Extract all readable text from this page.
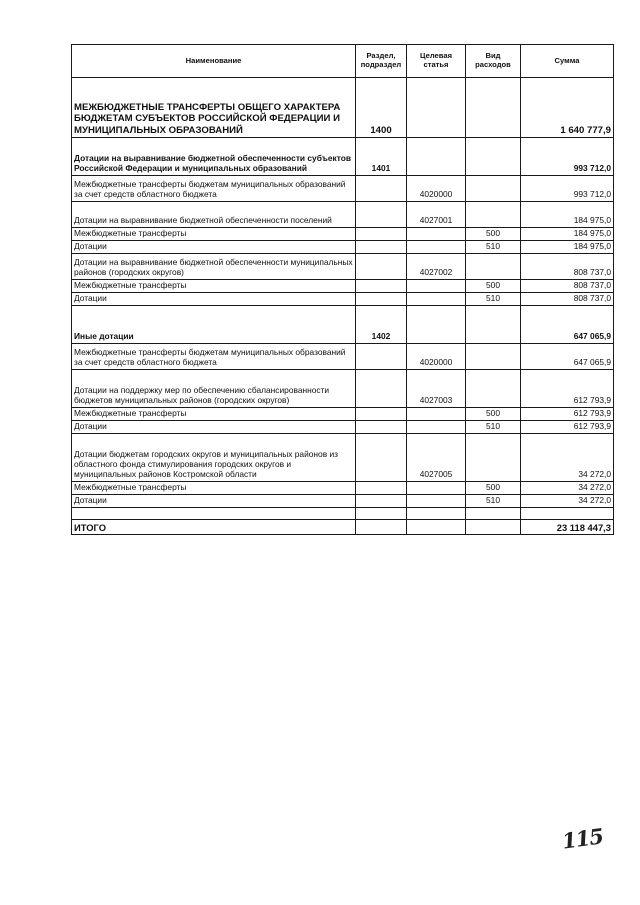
Наименование	Раздел, подраздел	Целевая статья	Вид расходов	Сумма
МЕЖБЮДЖЕТНЫЕ ТРАНСФЕРТЫ ОБЩЕГО ХАРАКТЕРА БЮДЖЕТАМ СУБЪЕКТОВ РОССИЙСКОЙ ФЕДЕРАЦИИ И МУНИЦИПАЛЬНЫХ ОБРАЗОВАНИЙ	1400			1 640 777,9
Дотации на выравнивание бюджетной обеспеченности субъектов Российской Федерации и муниципальных образований	1401			993 712,0
Межбюджетные трансферты бюджетам муниципальных образований за счет средств областного бюджета		4020000		993 712,0
Дотации на выравнивание бюджетной обеспеченности поселений		4027001		184 975,0
Межбюджетные трансферты			500	184 975,0
Дотации			510	184 975,0
Дотации на выравнивание бюджетной обеспеченности муниципальных районов (городских округов)		4027002		808 737,0
Межбюджетные трансферты			500	808 737,0
Дотации			510	808 737,0
Иные дотации	1402			647 065,9
Межбюджетные трансферты бюджетам муниципальных образований за счет средств областного бюджета		4020000		647 065,9
Дотации на поддержку мер по обеспечению сбалансированности бюджетов муниципальных районов (городских округов)		4027003		612 793,9
Межбюджетные трансферты			500	612 793,9
Дотации			510	612 793,9
Дотации бюджетам городских округов и муниципальных районов из областного фонда стимулирования городских округов и муниципальных районов Костромской области		4027005		34 272,0
Межбюджетные трансферты			500	34 272,0
Дотации			510	34 272,0

ИТОГО				23 118 447,3
115
